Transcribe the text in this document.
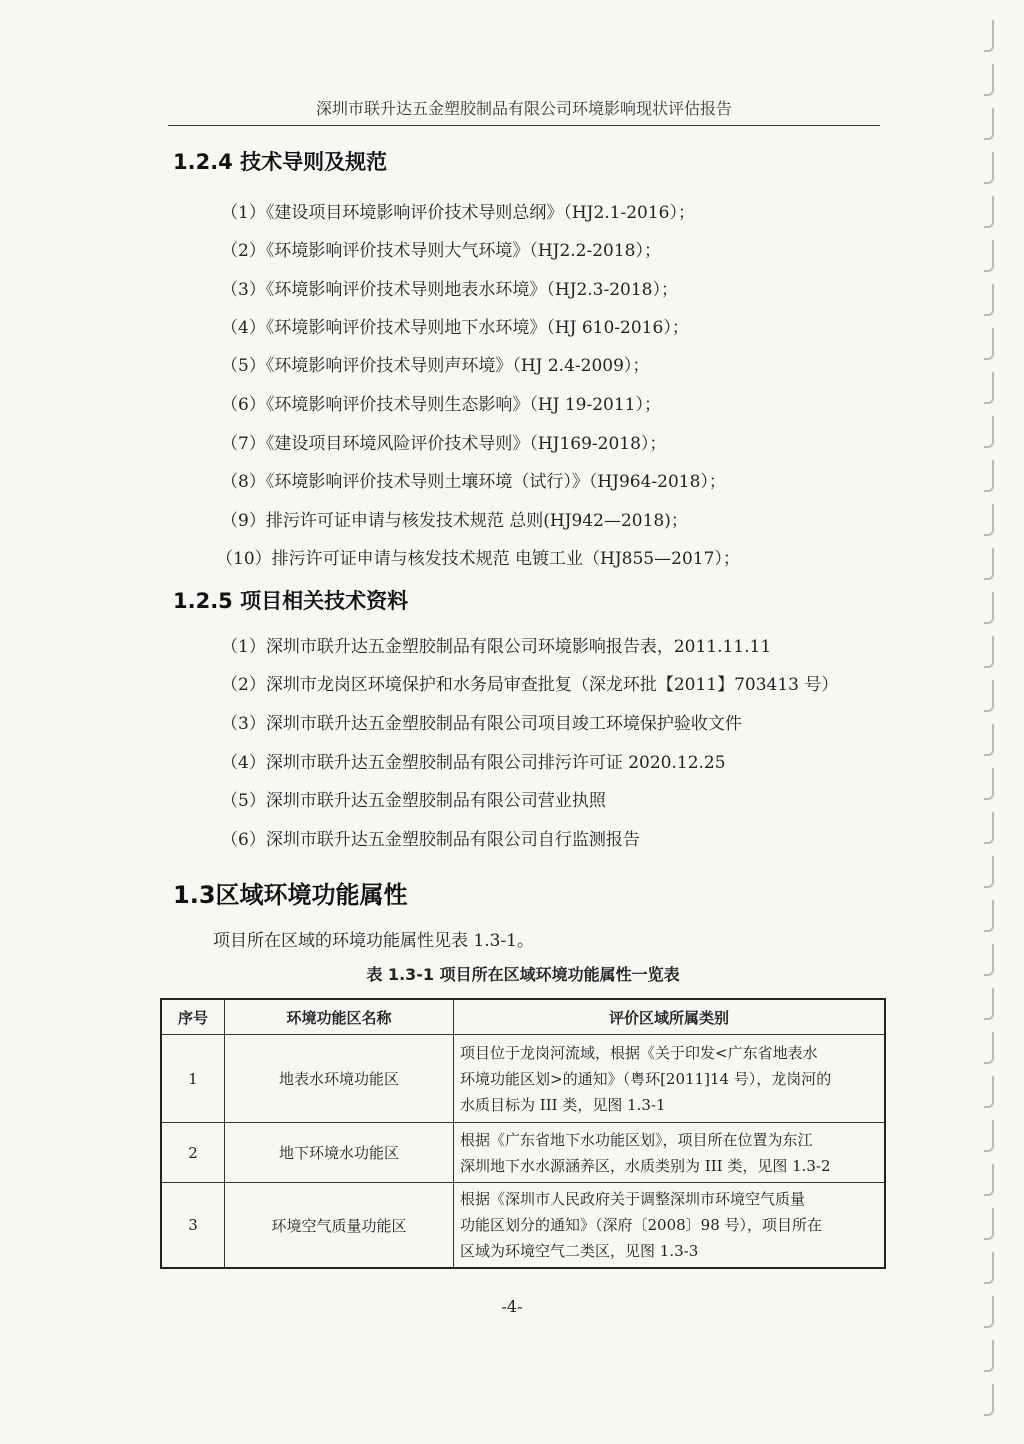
深圳市联升达五金塑胶制品有限公司环境影响现状评估报告
1.2.4 技术导则及规范
（1）《建设项目环境影响评价技术导则总纲》（HJ2.1-2016）；
（2）《环境影响评价技术导则大气环境》（HJ2.2-2018）；
（3）《环境影响评价技术导则地表水环境》（HJ2.3-2018）；
（4）《环境影响评价技术导则地下水环境》（HJ 610-2016）；
（5）《环境影响评价技术导则声环境》（HJ 2.4-2009）；
（6）《环境影响评价技术导则生态影响》（HJ 19-2011）；
（7）《建设项目环境风险评价技术导则》（HJ169-2018）；
（8）《环境影响评价技术导则土壤环境（试行）》（HJ964-2018）；
（9）排污许可证申请与核发技术规范 总则(HJ942—2018)；
（10）排污许可证申请与核发技术规范 电镀工业（HJ855—2017）；
1.2.5 项目相关技术资料
（1）深圳市联升达五金塑胶制品有限公司环境影响报告表，2011.11.11
（2）深圳市龙岗区环境保护和水务局审查批复（深龙环批【2011】703413 号）
（3）深圳市联升达五金塑胶制品有限公司项目竣工环境保护验收文件
（4）深圳市联升达五金塑胶制品有限公司排污许可证 2020.12.25
（5）深圳市联升达五金塑胶制品有限公司营业执照
（6）深圳市联升达五金塑胶制品有限公司自行监测报告
1.3区域环境功能属性
项目所在区域的环境功能属性见表 1.3-1。
表 1.3-1 项目所在区域环境功能属性一览表
序号	环境功能区名称	评价区域所属类别
1	地表水环境功能区	项目位于龙岗河流域，根据《关于印发<广东省地表水
环境功能区划>的通知》（粤环[2011]14 号），龙岗河的
水质目标为 III 类，见图 1.3-1

2	地下环境水功能区	根据《广东省地下水功能区划》，项目所在位置为东江
深圳地下水水源涵养区，水质类别为 III 类，见图 1.3-2

3	环境空气质量功能区	根据《深圳市人民政府关于调整深圳市环境空气质量
功能区划分的通知》（深府〔2008〕98 号），项目所在
区域为环境空气二类区，见图 1.3-3
-4-
